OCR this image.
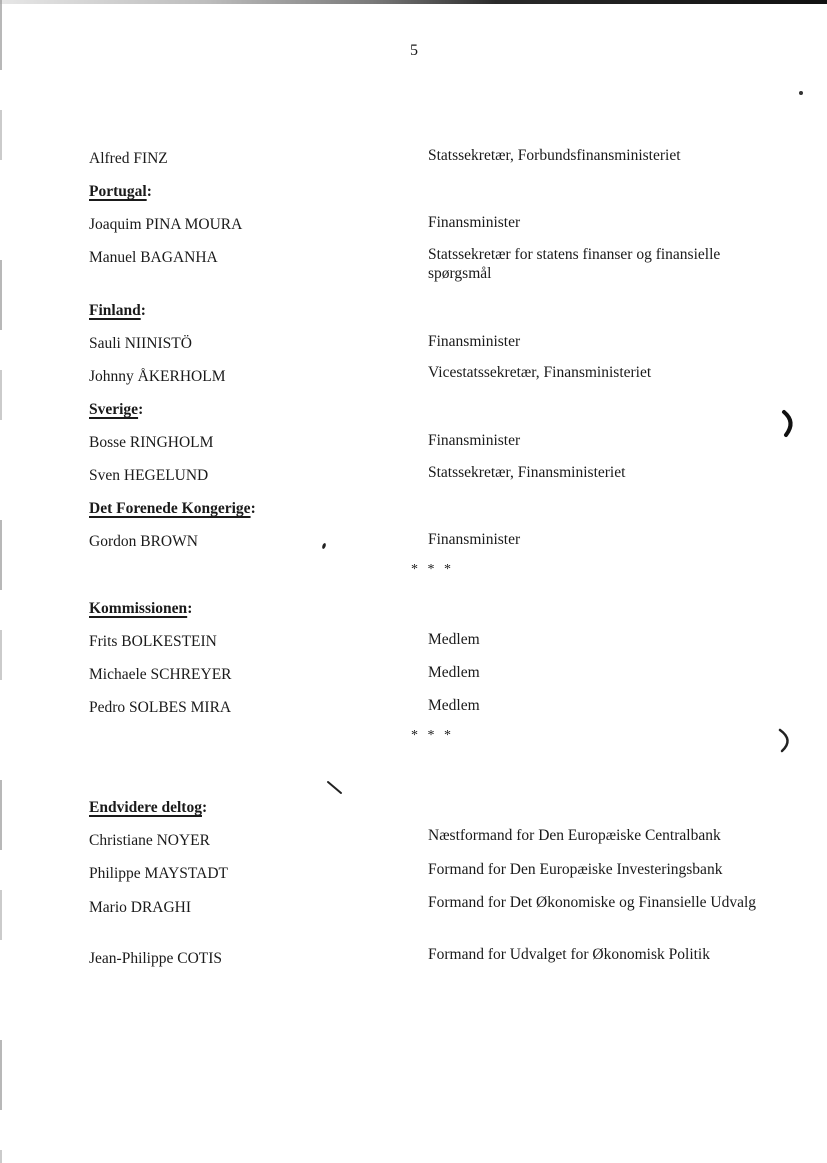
5
Alfred FINZ	Statssekretær, Forbundsfinansministeriet
Portugal:
Joaquim PINA MOURA	Finansminister
Manuel BAGANHA	Statssekretær for statens finanser og finansielle spørgsmål
Finland:
Sauli NIINISTÖ	Finansminister
Johnny ÅKERHOLM	Vicestatssekretær, Finansministeriet
Sverige:
Bosse RINGHOLM	Finansminister
Sven HEGELUND	Statssekretær, Finansministeriet
Det Forenede Kongerige:
Gordon BROWN	Finansminister
* * *
Kommissionen:
Frits BOLKESTEIN	Medlem
Michaele SCHREYER	Medlem
Pedro SOLBES MIRA	Medlem
* * *
Endvidere deltog:
Christiane NOYER	Næstformand for Den Europæiske Centralbank
Philippe MAYSTADT	Formand for Den Europæiske Investeringsbank
Mario DRAGHI	Formand for Det Økonomiske og Finansielle Udvalg
Jean-Philippe COTIS	Formand for Udvalget for Økonomisk Politik
